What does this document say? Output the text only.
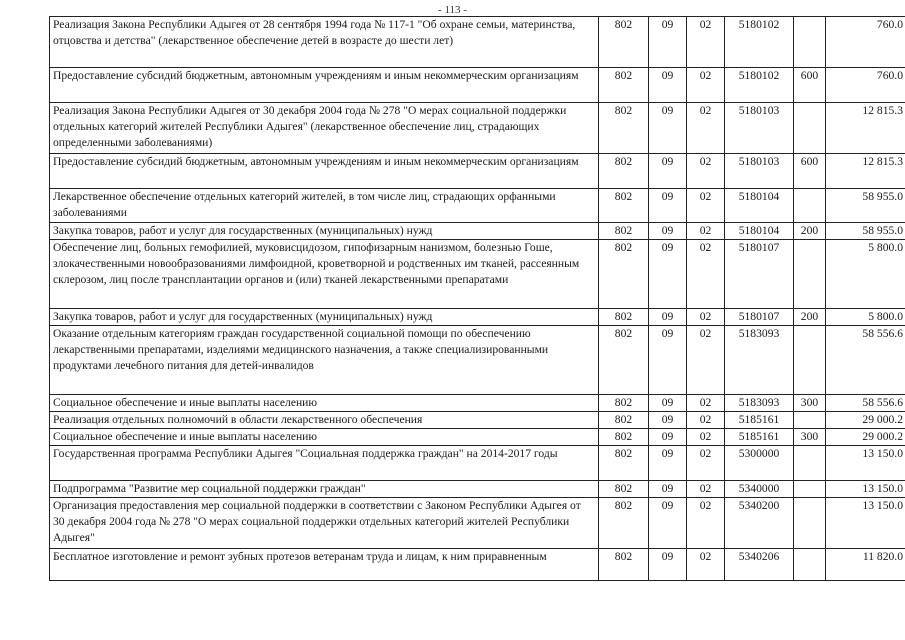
- 113 -
Реализация Закона Республики Адыгея от 28 сентября 1994 года № 117-1 "Об охране семьи, материнства, отцовства и детства" (лекарственное обеспечение детей в возрасте до шести лет)	802	09	02	5180102		760.0
Предоставление субсидий бюджетным, автономным учреждениям и иным некоммерческим организациям	802	09	02	5180102	600	760.0
Реализация Закона Республики Адыгея от 30 декабря 2004 года № 278 "О мерах социальной поддержки отдельных категорий жителей Республики Адыгея" (лекарственное обеспечение лиц, страдающих определенными заболеваниями)	802	09	02	5180103		12 815.3
Предоставление субсидий бюджетным, автономным учреждениям и иным некоммерческим организациям	802	09	02	5180103	600	12 815.3
Лекарственное обеспечение отдельных категорий жителей, в том числе лиц, страдающих орфанными заболеваниями	802	09	02	5180104		58 955.0
Закупка товаров, работ и услуг для государственных (муниципальных) нужд	802	09	02	5180104	200	58 955.0
Обеспечение лиц, больных гемофилией, муковисцидозом, гипофизарным нанизмом, болезнью Гоше, злокачественными новообразованиями лимфоидной, кроветворной и родственных им тканей, рассеянным склерозом, лиц после трансплантации органов и (или) тканей лекарственными препаратами	802	09	02	5180107		5 800.0
Закупка товаров, работ и услуг для государственных (муниципальных) нужд	802	09	02	5180107	200	5 800.0
Оказание отдельным категориям граждан государственной социальной помощи по обеспечению лекарственными препаратами, изделиями медицинского назначения, а также специализированными продуктами лечебного питания для детей-инвалидов	802	09	02	5183093		58 556.6
Социальное обеспечение и иные выплаты населению	802	09	02	5183093	300	58 556.6
Реализация отдельных полномочий в области лекарственного обеспечения	802	09	02	5185161		29 000.2
Социальное обеспечение и иные выплаты населению	802	09	02	5185161	300	29 000.2
Государственная программа Республики Адыгея "Социальная поддержка граждан" на 2014-2017 годы	802	09	02	5300000		13 150.0
Подпрограмма "Развитие мер социальной поддержки граждан"	802	09	02	5340000		13 150.0
Организация предоставления мер социальной поддержки в соответствии с Законом Республики Адыгея от 30 декабря 2004 года № 278 "О мерах социальной поддержки отдельных категорий жителей Республики Адыгея"	802	09	02	5340200		13 150.0
Бесплатное изготовление и ремонт зубных протезов ветеранам труда и лицам, к ним приравненным	802	09	02	5340206		11 820.0
